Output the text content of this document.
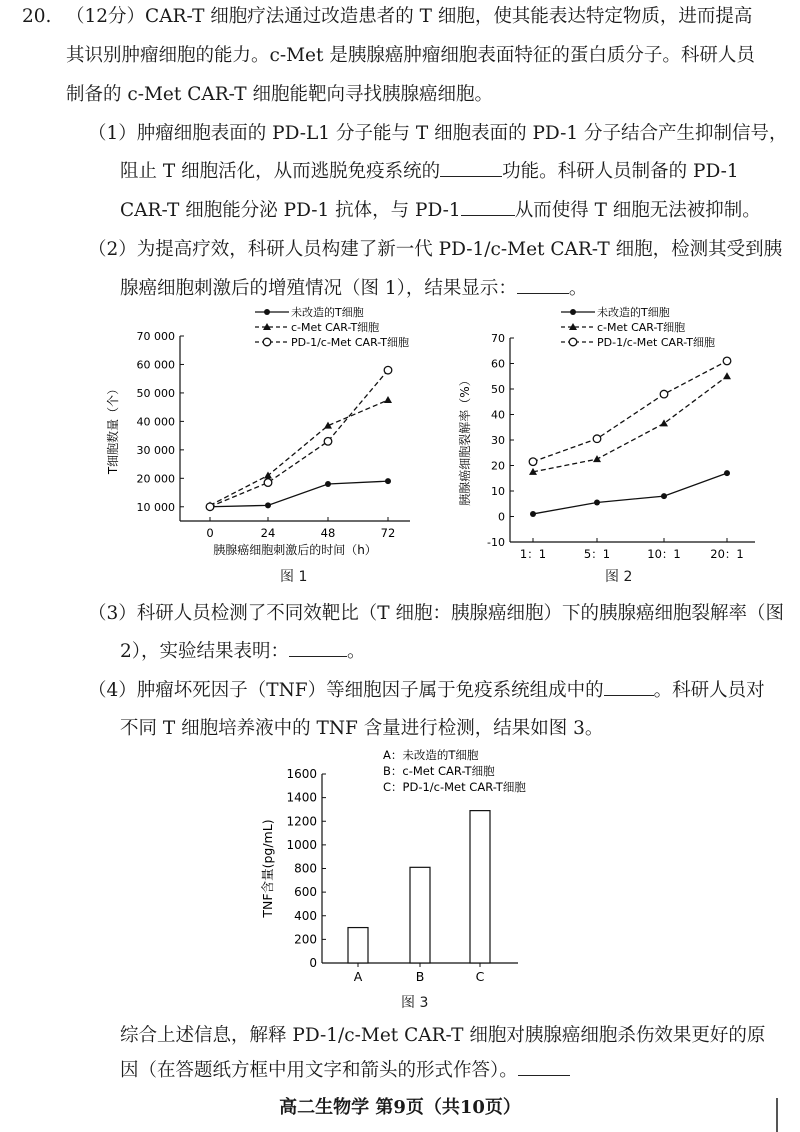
20. （12分）CAR-T 细胞疗法通过改造患者的 T 细胞，使其能表达特定物质，进而提高
其识别肿瘤细胞的能力。c-Met 是胰腺癌肿瘤细胞表面特征的蛋白质分子。科研人员
制备的 c-Met CAR-T 细胞能靶向寻找胰腺癌细胞。
（1）肿瘤细胞表面的 PD-L1 分子能与 T 细胞表面的 PD-1 分子结合产生抑制信号，
阻止 T 细胞活化，从而逃脱免疫系统的	功能。科研人员制备的 PD-1
CAR-T 细胞能分泌 PD-1 抗体，与 PD-1	从而使得 T 细胞无法被抑制。
（2）为提高疗效，科研人员构建了新一代 PD-1/c-Met CAR-T 细胞，检测其受到胰
腺癌细胞刺激后的增殖情况（图 1），结果显示：	。
未改造的T细胞
c-Met CAR-T细胞
PD-1/c-Met CAR-T细胞
10 000
20 000
30 000
40 000
50 000
60 000
70 000
0	24	48	72
胰腺癌细胞刺激后的时间（h）
T细胞数量（个）
图 1
未改造的T细胞
c-Met CAR-T细胞
PD-1/c-Met CAR-T细胞
-10
0
10
20
30
40
50
60
70
1：1	5：1	10：1	20：1
胰腺癌细胞裂解率（%）
图 2
（3）科研人员检测了不同效靶比（T 细胞：胰腺癌细胞）下的胰腺癌细胞裂解率（图
2），实验结果表明：	。
（4）肿瘤坏死因子（TNF）等细胞因子属于免疫系统组成中的	。科研人员对
不同 T 细胞培养液中的 TNF 含量进行检测，结果如图 3。
A：未改造的T细胞
B：c-Met CAR-T细胞
C：PD-1/c-Met CAR-T细胞
0
200
400
600
800
1000
1200
1400
1600
TNF含量(pg/mL)
A	B	C
图 3
综合上述信息，解释 PD-1/c-Met CAR-T 细胞对胰腺癌细胞杀伤效果更好的原
因（在答题纸方框中用文字和箭头的形式作答）。
高二生物学 第9页（共10页）
